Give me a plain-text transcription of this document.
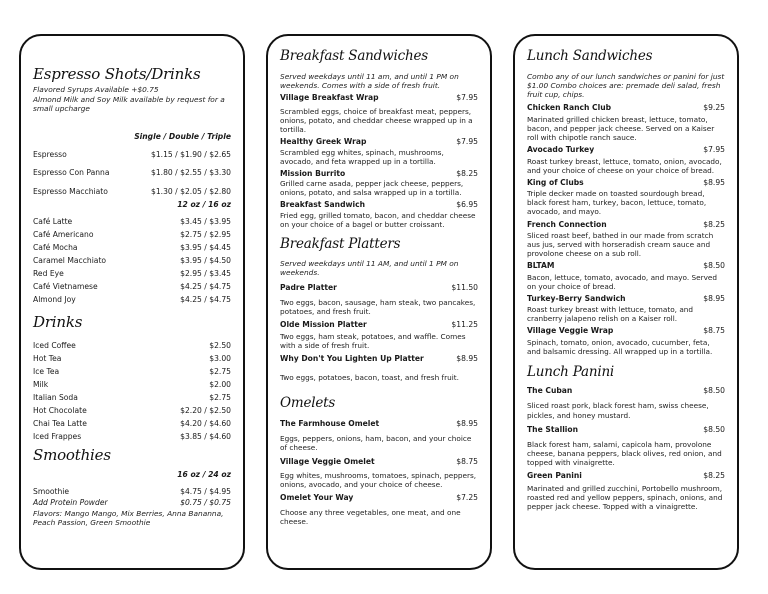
Espresso Shots/Drinks
Flavored Syrups Available +$0.75
Almond Milk and Soy Milk available by request for a small upcharge
Single / Double / Triple
Espresso	$1.15 / $1.90 / $2.65
Espresso Con Panna	$1.80 / $2.55 / $3.30
Espresso Macchiato	$1.30 / $2.05 / $2.80
12 oz / 16 oz
Café Latte	$3.45 / $3.95
Café Americano	$2.75 / $2.95
Café Mocha	$3.95 / $4.45
Caramel Macchiato	$3.95 / $4.50
Red Eye	$2.95 / $3.45
Café Vietnamese	$4.25 / $4.75
Almond Joy	$4.25 / $4.75
Drinks
Iced Coffee	$2.50
Hot Tea	$3.00
Ice Tea	$2.75
Milk	$2.00
Italian Soda	$2.75
Hot Chocolate	$2.20 / $2.50
Chai Tea Latte	$4.20 / $4.60
Iced Frappes	$3.85 / $4.60
Smoothies
16 oz / 24 oz
Smoothie	$4.75 / $4.95
Add Protein Powder	$0.75 / $0.75
Flavors: Mango Mango, Mix Berries, Anna Bananna, Peach Passion, Green Smoothie
Breakfast Sandwiches
Served weekdays until 11 am, and until 1 PM on weekends. Comes with a side of fresh fruit.
Village Breakfast Wrap	$7.95
Scrambled eggs, choice of breakfast meat, peppers, onions, potato, and cheddar cheese wrapped up in a tortilla.
Healthy Greek Wrap	$7.95
Scrambled egg whites, spinach, mushrooms, avocado, and feta wrapped up in a tortilla.
Mission Burrito	$8.25
Grilled carne asada, pepper jack cheese, peppers, onions, potato, and salsa wrapped up in a tortilla.
Breakfast Sandwich	$6.95
Fried egg, grilled tomato, bacon, and cheddar cheese on your choice of a bagel or butter croissant.
Breakfast Platters
Served weekdays until 11 AM, and until 1 PM on weekends.
Padre Platter	$11.50
Two eggs, bacon, sausage, ham steak, two pancakes, potatoes, and fresh fruit.
Olde Mission Platter	$11.25
Two eggs, ham steak, potatoes, and waffle. Comes with a side of fresh fruit.
Why Don't You Lighten Up Platter	$8.95
Two eggs, potatoes, bacon, toast, and fresh fruit.
Omelets
The Farmhouse Omelet	$8.95
Eggs, peppers, onions, ham, bacon, and your choice of cheese.
Village Veggie Omelet	$8.75
Egg whites, mushrooms, tomatoes, spinach, peppers, onions, avocado, and your choice of cheese.
Omelet Your Way	$7.25
Choose any three vegetables, one meat, and one cheese.
Lunch Sandwiches
Combo any of our lunch sandwiches or panini for just $1.00 Combo choices are: premade deli salad, fresh fruit cup, chips.
Chicken Ranch Club	$9.25
Marinated grilled chicken breast, lettuce, tomato, bacon, and pepper jack cheese. Served on a Kaiser roll with chipotle ranch sauce.
Avocado Turkey	$7.95
Roast turkey breast, lettuce, tomato, onion, avocado, and your choice of cheese on your choice of bread.
King of Clubs	$8.95
Triple decker made on toasted sourdough bread, black forest ham, turkey, bacon, lettuce, tomato, avocado, and mayo.
French Connection	$8.25
Sliced roast beef, bathed in our made from scratch aus jus, served with horseradish cream sauce and provolone cheese on a sub roll.
BLTAM	$8.50
Bacon, lettuce, tomato, avocado, and mayo. Served on your choice of bread.
Turkey-Berry Sandwich	$8.95
Roast turkey breast with lettuce, tomato, and cranberry jalapeno relish on a Kaiser roll.
Village Veggie Wrap	$8.75
Spinach, tomato, onion, avocado, cucumber, feta, and balsamic dressing. All wrapped up in a tortilla.
Lunch Panini
The Cuban	$8.50
Sliced roast pork, black forest ham, swiss cheese, pickles, and honey mustard.
The Stallion	$8.50
Black forest ham, salami, capicola ham, provolone cheese, banana peppers, black olives, red onion, and topped with vinaigrette.
Green Panini	$8.25
Marinated and grilled zucchini, Portobello mushroom, roasted red and yellow peppers, spinach, onions, and pepper jack cheese. Topped with a vinaigrette.
